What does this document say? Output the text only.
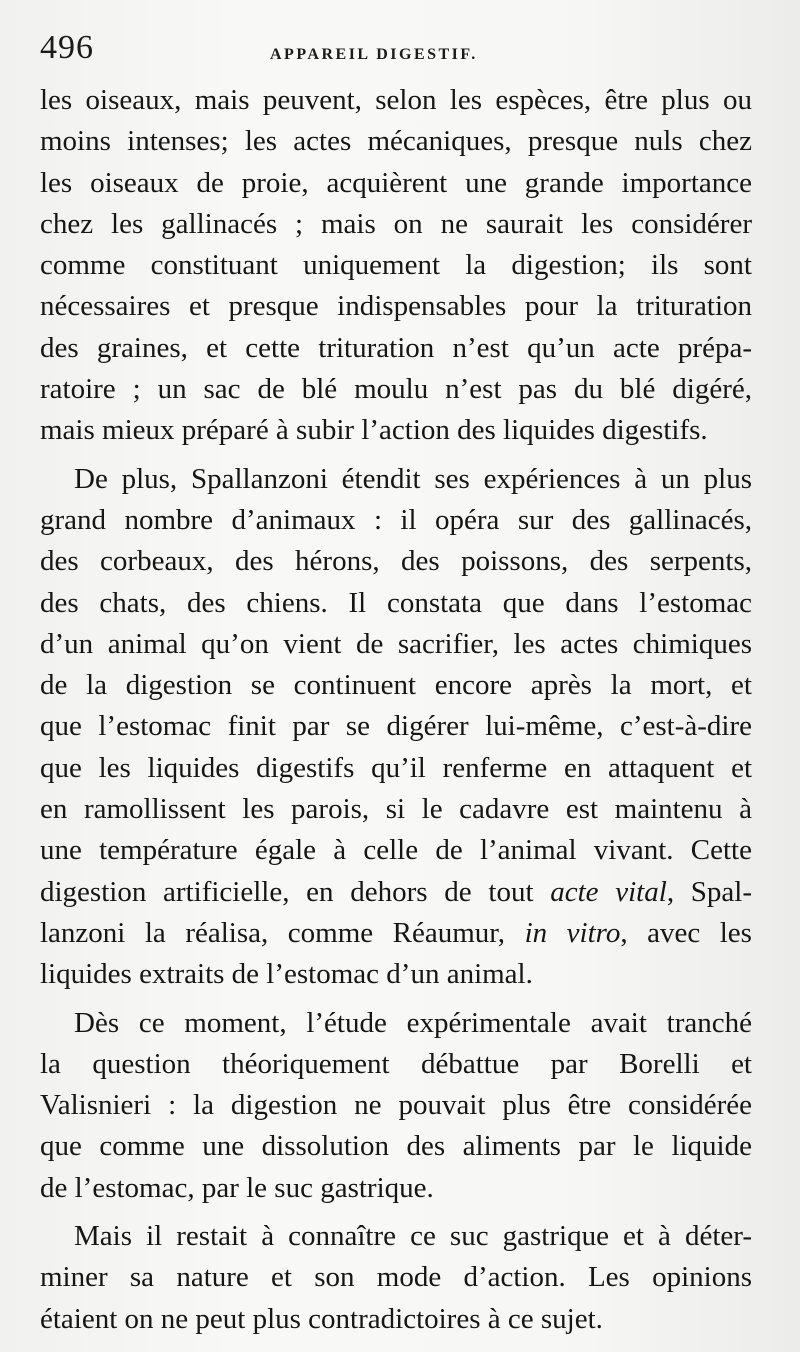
496	APPAREIL DIGESTIF.
les oiseaux, mais peuvent, selon les espèces, être plus ou
moins intenses; les actes mécaniques, presque nuls chez
les oiseaux de proie, acquièrent une grande importance
chez les gallinacés ; mais on ne saurait les considérer
comme constituant uniquement la digestion; ils sont
nécessaires et presque indispensables pour la trituration
des graines, et cette trituration n’est qu’un acte prépa-
ratoire ; un sac de blé moulu n’est pas du blé digéré,
mais mieux préparé à subir l’action des liquides digestifs.
De plus, Spallanzoni étendit ses expériences à un plus
grand nombre d’animaux : il opéra sur des gallinacés,
des corbeaux, des hérons, des poissons, des serpents,
des chats, des chiens. Il constata que dans l’estomac
d’un animal qu’on vient de sacrifier, les actes chimiques
de la digestion se continuent encore après la mort, et
que l’estomac finit par se digérer lui-même, c’est-à-dire
que les liquides digestifs qu’il renferme en attaquent et
en ramollissent les parois, si le cadavre est maintenu à
une température égale à celle de l’animal vivant. Cette
digestion artificielle, en dehors de tout acte vital, Spal-
lanzoni la réalisa, comme Réaumur, in vitro, avec les
liquides extraits de l’estomac d’un animal.
Dès ce moment, l’étude expérimentale avait tranché
la question théoriquement débattue par Borelli et
Valisnieri : la digestion ne pouvait plus être considérée
que comme une dissolution des aliments par le liquide
de l’estomac, par le suc gastrique.
Mais il restait à connaître ce suc gastrique et à déter-
miner sa nature et son mode d’action. Les opinions
étaient on ne peut plus contradictoires à ce sujet.
